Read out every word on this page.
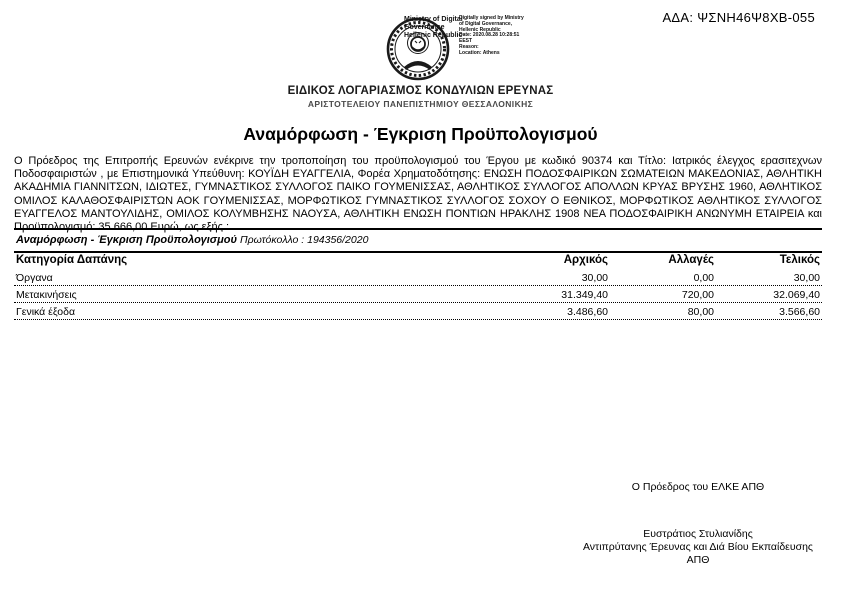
ΑΔΑ: ΨΣΝΗ46Ψ8ΧΒ-055
Ministry of Digital
Governance
Hellenic Republic
Digitally signed by Ministry
of Digital Governance,
Hellenic Republic
Date: 2020.08.28 10:28:51
EEST
Reason:
Location: Athens
ΕΙΔΙΚΟΣ ΛΟΓΑΡΙΑΣΜΟΣ ΚΟΝΔΥΛΙΩΝ ΕΡΕΥΝΑΣ
ΑΡΙΣΤΟΤΕΛΕΙΟΥ ΠΑΝΕΠΙΣΤΗΜΙΟΥ ΘΕΣΣΑΛΟΝΙΚΗΣ
Αναμόρφωση - Έγκριση Προϋπολογισμού
Ο Πρόεδρος της Επιτροπής Ερευνών ενέκρινε την τροποποίηση του προϋπολογισμού του Έργου με κωδικό 90374 και Τίτλο: Ιατρικός έλεγχος ερασιτεχνων Ποδοσφαιριστών , με Επιστημονικά Υπεύθυνη: ΚΟΥΪΔΗ ΕΥΑΓΓΕΛΙΑ, Φορέα Χρηματοδότησης: ΕΝΩΣΗ ΠΟΔΟΣΦΑΙΡΙΚΩΝ ΣΩΜΑΤΕΙΩΝ ΜΑΚΕΔΟΝΙΑΣ, ΑΘΛΗΤΙΚΗ ΑΚΑΔΗΜΙΑ ΓΙΑΝΝΙΤΣΩΝ, ΙΔΙΩΤΕΣ, ΓΥΜΝΑΣΤΙΚΟΣ ΣΥΛΛΟΓΟΣ ΠΑΙΚΟ ΓΟΥΜΕΝΙΣΣΑΣ, ΑΘΛΗΤΙΚΟΣ ΣΥΛΛΟΓΟΣ ΑΠΟΛΛΩΝ ΚΡΥΑΣ ΒΡΥΣΗΣ 1960, ΑΘΛΗΤΙΚΟΣ ΟΜΙΛΟΣ ΚΑΛΑΘΟΣΦΑΙΡΙΣΤΩΝ ΑΟΚ ΓΟΥΜΕΝΙΣΣΑΣ, ΜΟΡΦΩΤΙΚΟΣ ΓΥΜΝΑΣΤΙΚΟΣ ΣΥΛΛΟΓΟΣ ΣΟΧΟΥ Ο ΕΘΝΙΚΟΣ, ΜΟΡΦΩΤΙΚΟΣ ΑΘΛΗΤΙΚΟΣ ΣΥΛΛΟΓΟΣ ΕΥΑΓΓΕΛΟΣ ΜΑΝΤΟΥΛΙΔΗΣ, ΟΜΙΛΟΣ ΚΟΛΥΜΒΗΣΗΣ ΝΑΟΥΣΑ, ΑΘΛΗΤΙΚΗ ΕΝΩΣΗ ΠΟΝΤΙΩΝ ΗΡΑΚΛΗΣ 1908 ΝΕΑ ΠΟΔΟΣΦΑΙΡΙΚΗ ΑΝΩΝΥΜΗ ΕΤΑΙΡΕΙΑ και Προϋπολογισμό: 35.666,00 Ευρώ, ως εξής :
Αναμόρφωση - Έγκριση Προϋπολογισμού Πρωτόκολλο : 194356/2020
Κατηγορία Δαπάνης	Αρχικός	Αλλαγές	Τελικός
Όργανα	30,00	0,00	30,00
Μετακινήσεις	31.349,40	720,00	32.069,40
Γενικά έξοδα	3.486,60	80,00	3.566,60
Ο Πρόεδρος του ΕΛΚΕ ΑΠΘ
Ευστράτιος Στυλιανίδης
Αντιπρύτανης Έρευνας και Διά Βίου Εκπαίδευσης
ΑΠΘ
